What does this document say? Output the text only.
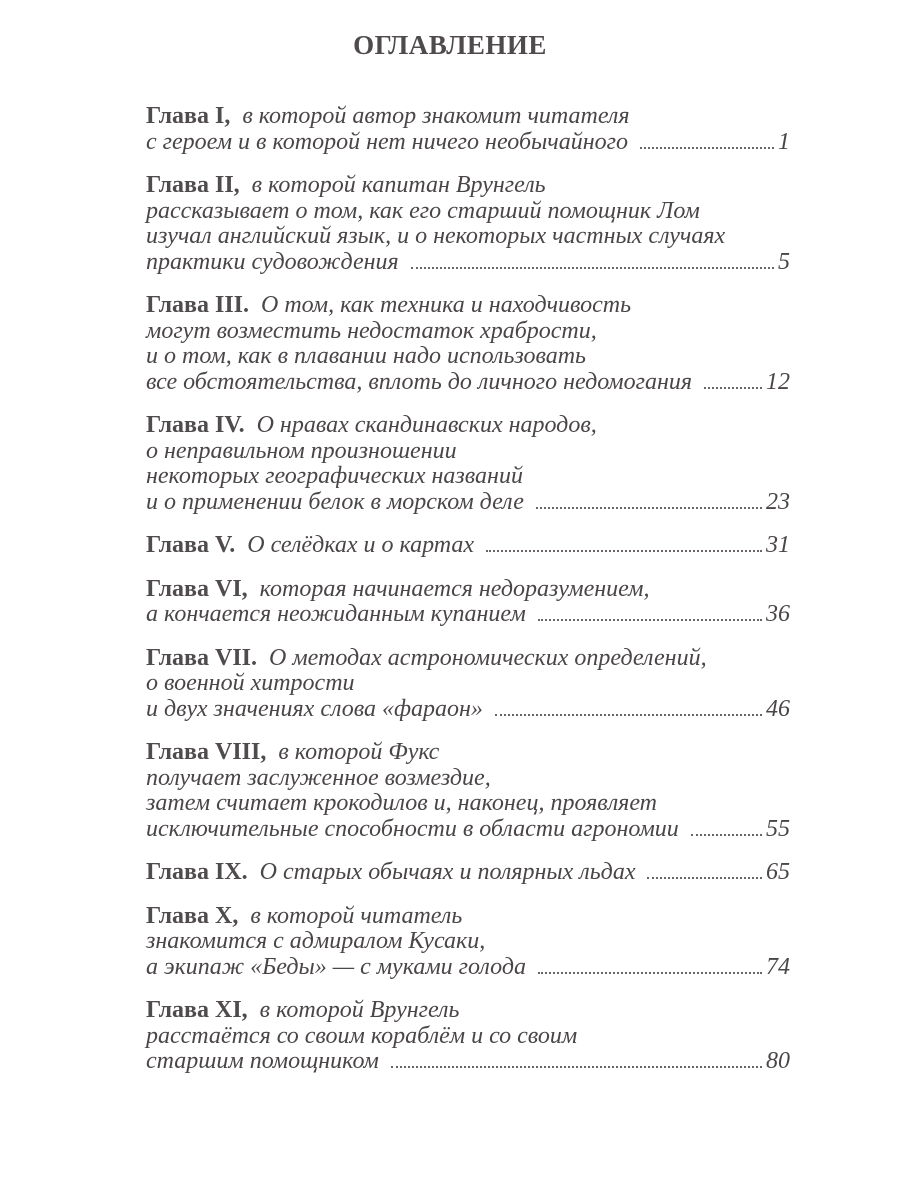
ОГЛАВЛЕНИЕ
Глава I, в которой автор знакомит читателя
с героем и в которой нет ничего необычайного	1
Глава II, в которой капитан Врунгель
рассказывает о том, как его старший помощник Лом
изучал английский язык, и о некоторых частных случаях
практики судовождения	5
Глава III. О том, как техника и находчивость
могут возместить недостаток храбрости,
и о том, как в плавании надо использовать
все обстоятельства, вплоть до личного недомогания	12
Глава IV. О нравах скандинавских народов,
о неправильном произношении
некоторых географических названий
и о применении белок в морском деле	23
Глава V.
О селёдках и о картах	31
Глава VI, которая начинается недоразумением,
а кончается неожиданным купанием	36
Глава VII. О методах астрономических определений,
о военной хитрости
и двух значениях слова «фараон»	46
Глава VIII, в которой Фукс
получает заслуженное возмездие,
затем считает крокодилов и, наконец, проявляет
исключительные способности в области агрономии	55
Глава IX.
О старых обычаях и полярных льдах	65
Глава X, в которой читатель
знакомится с адмиралом Кусаки,
а экипаж «Беды» — с муками голода	74
Глава XI, в которой Врунгель
расстаётся со своим кораблём и со своим
старшим помощником	80
